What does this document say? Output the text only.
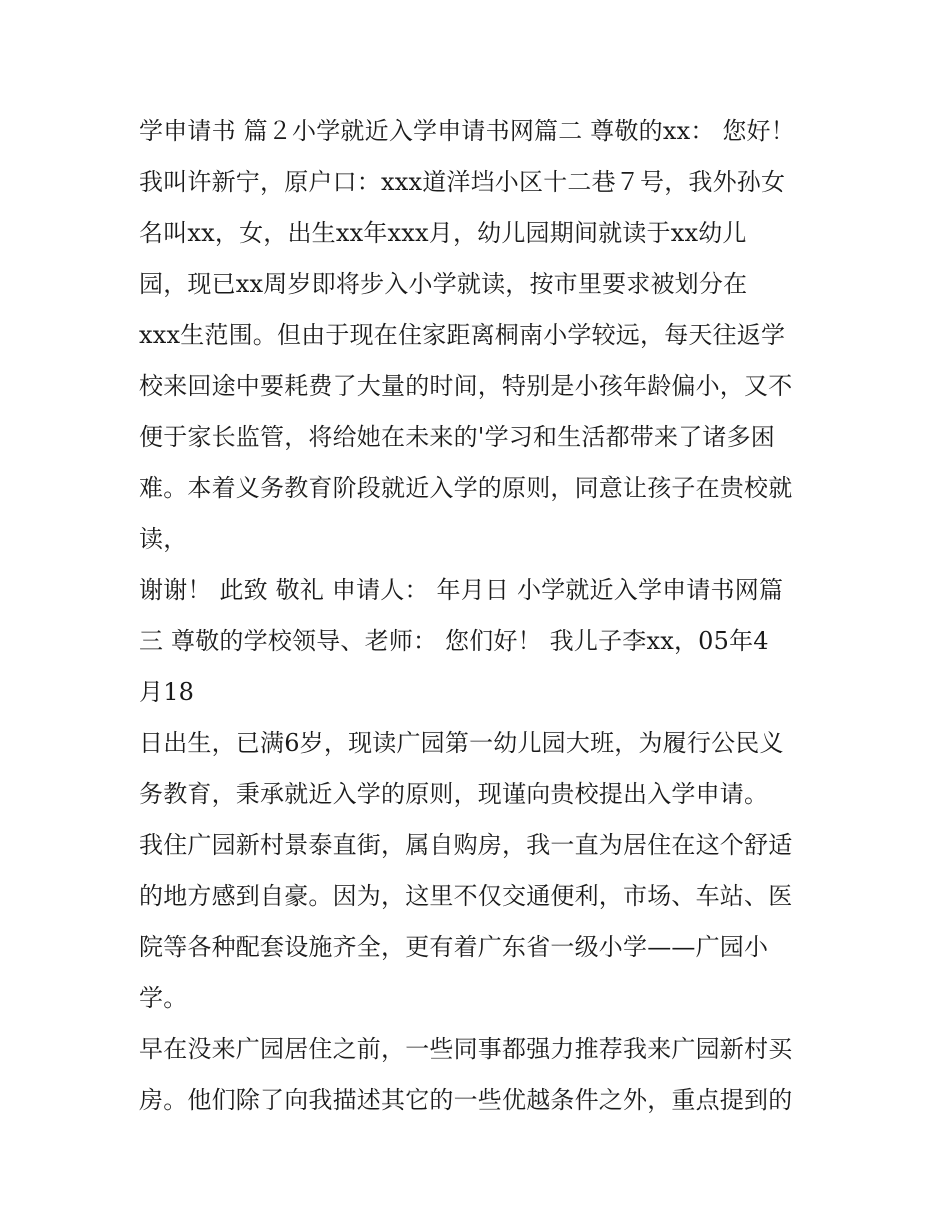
学申请书 篇２小学就近入学申请书网篇二 尊敬的xx： 您好！
我叫许新宁，原户口：xxx道洋垱小区十二巷７号，我外孙女
名叫xx，女，出生xx年xxx月，幼儿园期间就读于xx幼儿
园，现已xx周岁即将步入小学就读，按市里要求被划分在
xxx生范围。但由于现在住家距离桐南小学较远，每天往返学
校来回途中要耗费了大量的时间，特别是小孩年龄偏小，又不
便于家长监管，将给她在未来的'学习和生活都带来了诸多困
难。本着义务教育阶段就近入学的原则，同意让孩子在贵校就
读，
谢谢！ 此致 敬礼 申请人： 年月日 小学就近入学申请书网篇
三 尊敬的学校领导、老师： 您们好！ 我儿子李xx，05年4
月18
日出生，已满6岁，现读广园第一幼儿园大班，为履行公民义
务教育，秉承就近入学的原则，现谨向贵校提出入学申请。
我住广园新村景泰直街，属自购房，我一直为居住在这个舒适
的地方感到自豪。因为，这里不仅交通便利，市场、车站、医
院等各种配套设施齐全，更有着广东省一级小学——广园小
学。
早在没来广园居住之前，一些同事都强力推荐我来广园新村买
房。他们除了向我描述其它的一些优越条件之外，重点提到的
